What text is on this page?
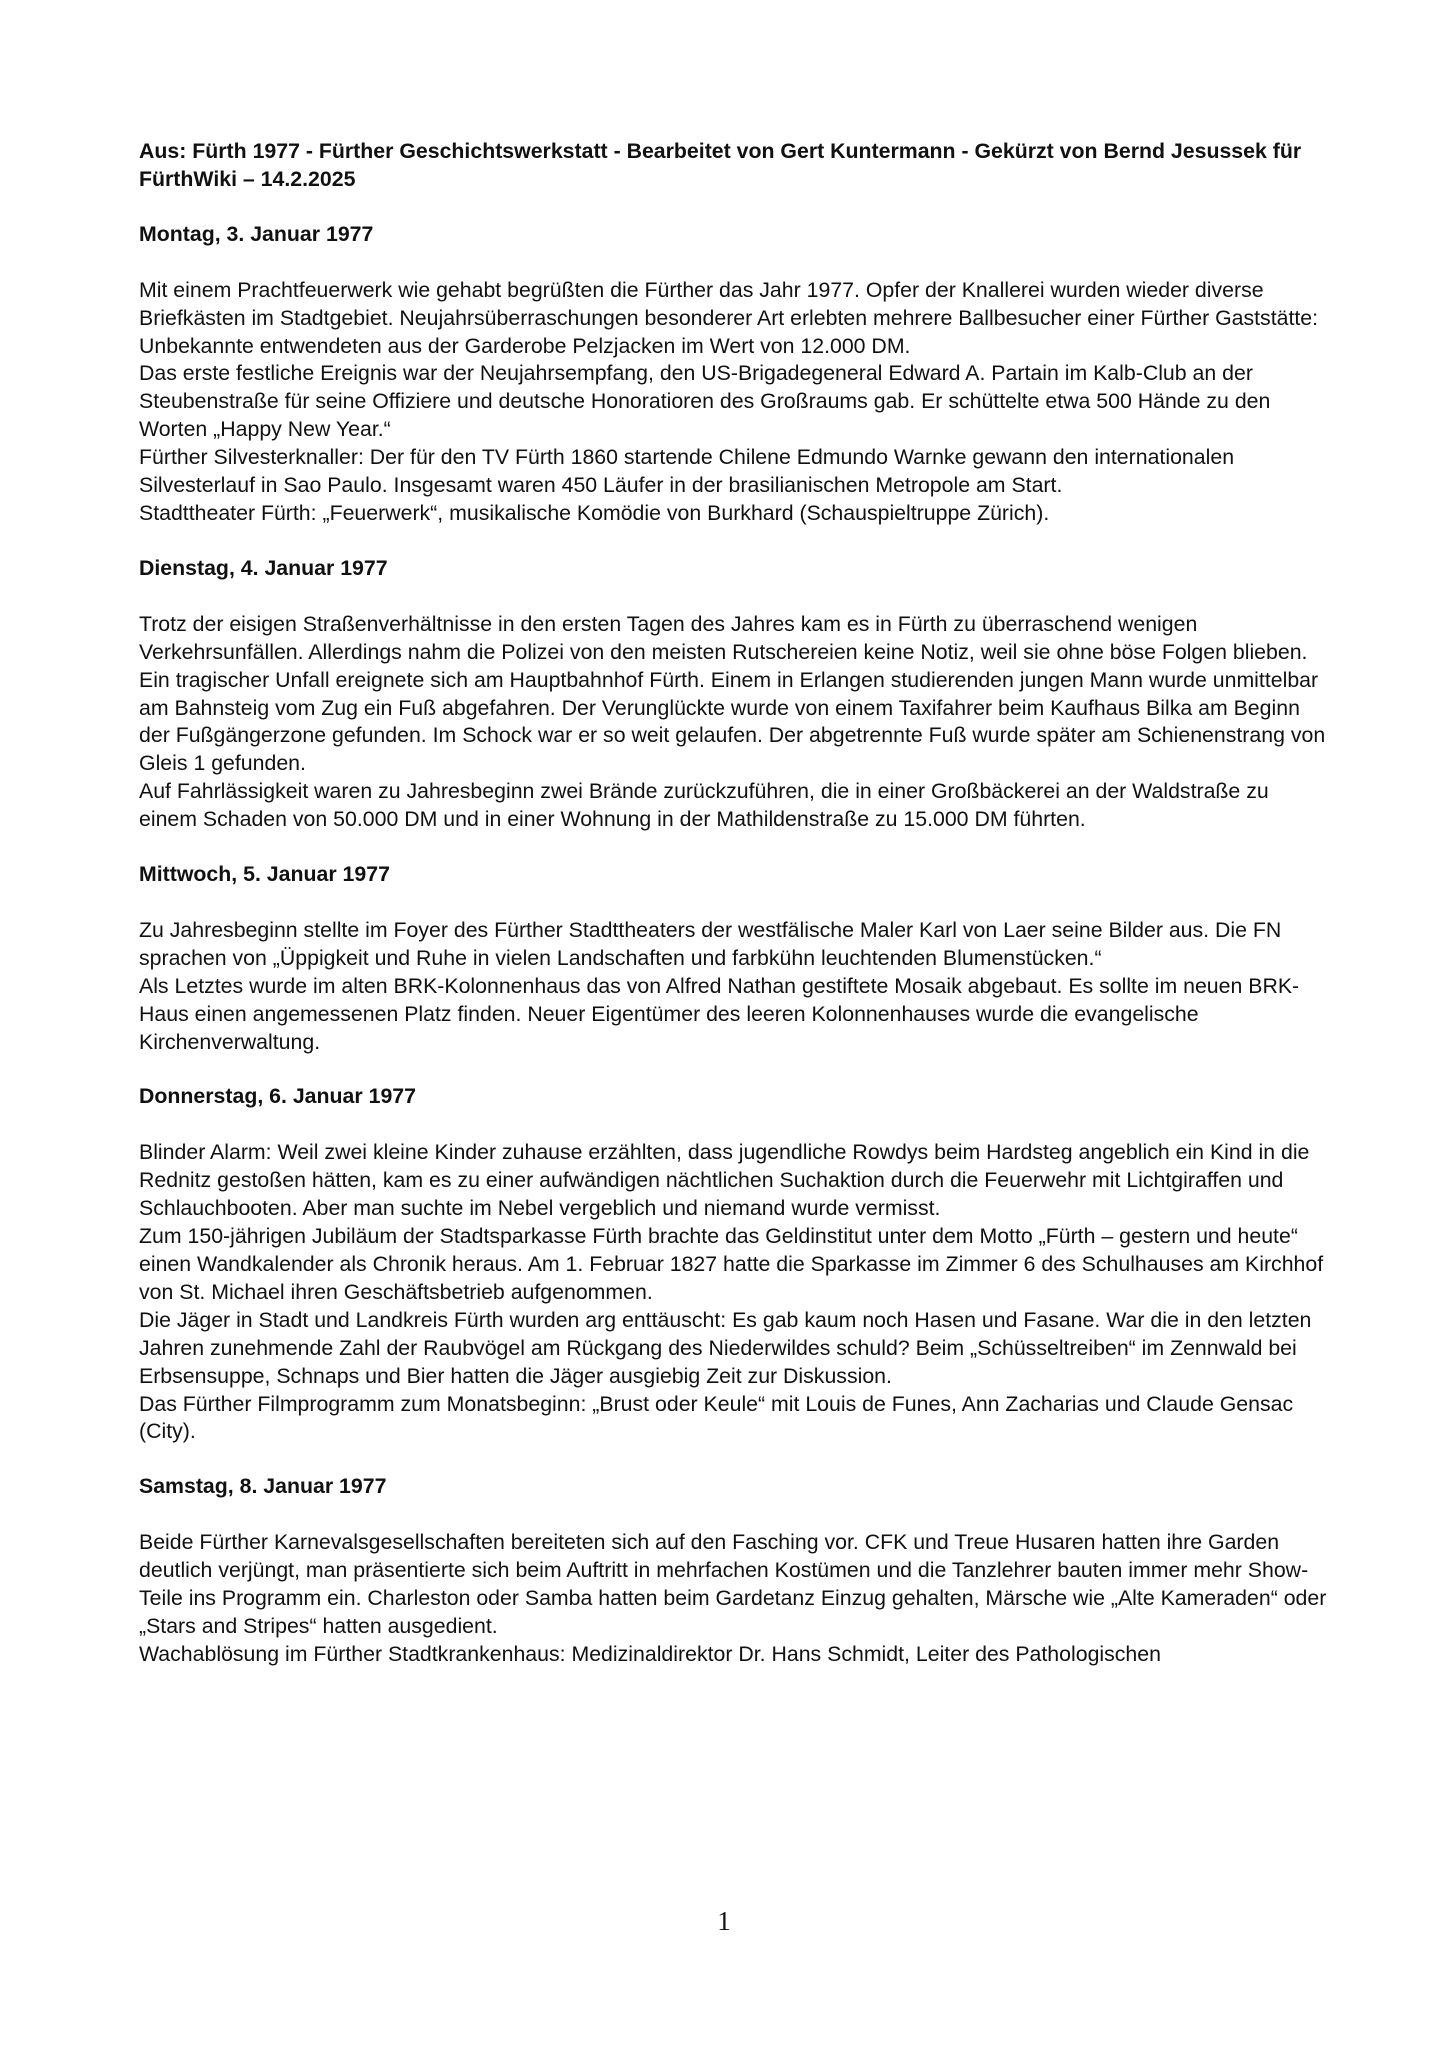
Aus: Fürth 1977 - Fürther Geschichtswerkstatt - Bearbeitet von Gert Kuntermann - Gekürzt von Bernd Jesussek für FürthWiki – 14.2.2025

Montag, 3. Januar 1977

Mit einem Prachtfeuerwerk wie gehabt begrüßten die Fürther das Jahr 1977. Opfer der Knallerei wurden wieder diverse Briefkästen im Stadtgebiet. Neujahrsüberraschungen besonderer Art erlebten mehrere Ballbesucher einer Fürther Gaststätte: Unbekannte entwendeten aus der Garderobe Pelzjacken im Wert von 12.000 DM.

Das erste festliche Ereignis war der Neujahrsempfang, den US-Brigadegeneral Edward A. Partain im Kalb-Club an der Steubenstraße für seine Offiziere und deutsche Honoratioren des Großraums gab. Er schüttelte etwa 500 Hände zu den Worten „Happy New Year.“

Fürther Silvesterknaller: Der für den TV Fürth 1860 startende Chilene Edmundo Warnke gewann den internationalen Silvesterlauf in Sao Paulo. Insgesamt waren 450 Läufer in der brasilianischen Metropole am Start.

Stadttheater Fürth: „Feuerwerk“, musikalische Komödie von Burkhard (Schauspieltruppe Zürich).

Dienstag, 4. Januar 1977

Trotz der eisigen Straßenverhältnisse in den ersten Tagen des Jahres kam es in Fürth zu überraschend wenigen Verkehrsunfällen. Allerdings nahm die Polizei von den meisten Rutschereien keine Notiz, weil sie ohne böse Folgen blieben.

Ein tragischer Unfall ereignete sich am Hauptbahnhof Fürth. Einem in Erlangen studierenden jungen Mann wurde unmittelbar am Bahnsteig vom Zug ein Fuß abgefahren. Der Verunglückte wurde von einem Taxifahrer beim Kaufhaus Bilka am Beginn der Fußgängerzone gefunden. Im Schock war er so weit gelaufen. Der abgetrennte Fuß wurde später am Schienenstrang von Gleis 1 gefunden.

Auf Fahrlässigkeit waren zu Jahresbeginn zwei Brände zurückzuführen, die in einer Großbäckerei an der Waldstraße zu einem Schaden von 50.000 DM und in einer Wohnung in der Mathildenstraße zu 15.000 DM führten.

Mittwoch, 5. Januar 1977

Zu Jahresbeginn stellte im Foyer des Fürther Stadttheaters der westfälische Maler Karl von Laer seine Bilder aus. Die FN sprachen von „Üppigkeit und Ruhe in vielen Landschaften und farbkühn leuchtenden Blumenstücken.“

Als Letztes wurde im alten BRK-Kolonnenhaus das von Alfred Nathan gestiftete Mosaik abgebaut. Es sollte im neuen BRK-Haus einen angemessenen Platz finden. Neuer Eigentümer des leeren Kolonnenhauses wurde die evangelische Kirchenverwaltung.

Donnerstag, 6. Januar 1977

Blinder Alarm: Weil zwei kleine Kinder zuhause erzählten, dass jugendliche Rowdys beim Hardsteg angeblich ein Kind in die Rednitz gestoßen hätten, kam es zu einer aufwändigen nächtlichen Suchaktion durch die Feuerwehr mit Lichtgiraffen und Schlauchbooten. Aber man suchte im Nebel vergeblich und niemand wurde vermisst.

Zum 150-jährigen Jubiläum der Stadtsparkasse Fürth brachte das Geldinstitut unter dem Motto „Fürth – gestern und heute“ einen Wandkalender als Chronik heraus. Am 1. Februar 1827 hatte die Sparkasse im Zimmer 6 des Schulhauses am Kirchhof von St. Michael ihren Geschäftsbetrieb aufgenommen.

Die Jäger in Stadt und Landkreis Fürth wurden arg enttäuscht: Es gab kaum noch Hasen und Fasane. War die in den letzten Jahren zunehmende Zahl der Raubvögel am Rückgang des Niederwildes schuld? Beim „Schüsseltreiben“ im Zennwald bei Erbsensuppe, Schnaps und Bier hatten die Jäger ausgiebig Zeit zur Diskussion.

Das Fürther Filmprogramm zum Monatsbeginn: „Brust oder Keule“ mit Louis de Funes, Ann Zacharias und Claude Gensac (City).

Samstag, 8. Januar 1977

Beide Fürther Karnevalsgesellschaften bereiteten sich auf den Fasching vor. CFK und Treue Husaren hatten ihre Garden deutlich verjüngt, man präsentierte sich beim Auftritt in mehrfachen Kostümen und die Tanzlehrer bauten immer mehr Show-Teile ins Programm ein. Charleston oder Samba hatten beim Gardetanz Einzug gehalten, Märsche wie „Alte Kameraden“ oder „Stars and Stripes“ hatten ausgedient.

Wachablösung im Fürther Stadtkrankenhaus: Medizinaldirektor Dr. Hans Schmidt, Leiter des Pathologischen

1
